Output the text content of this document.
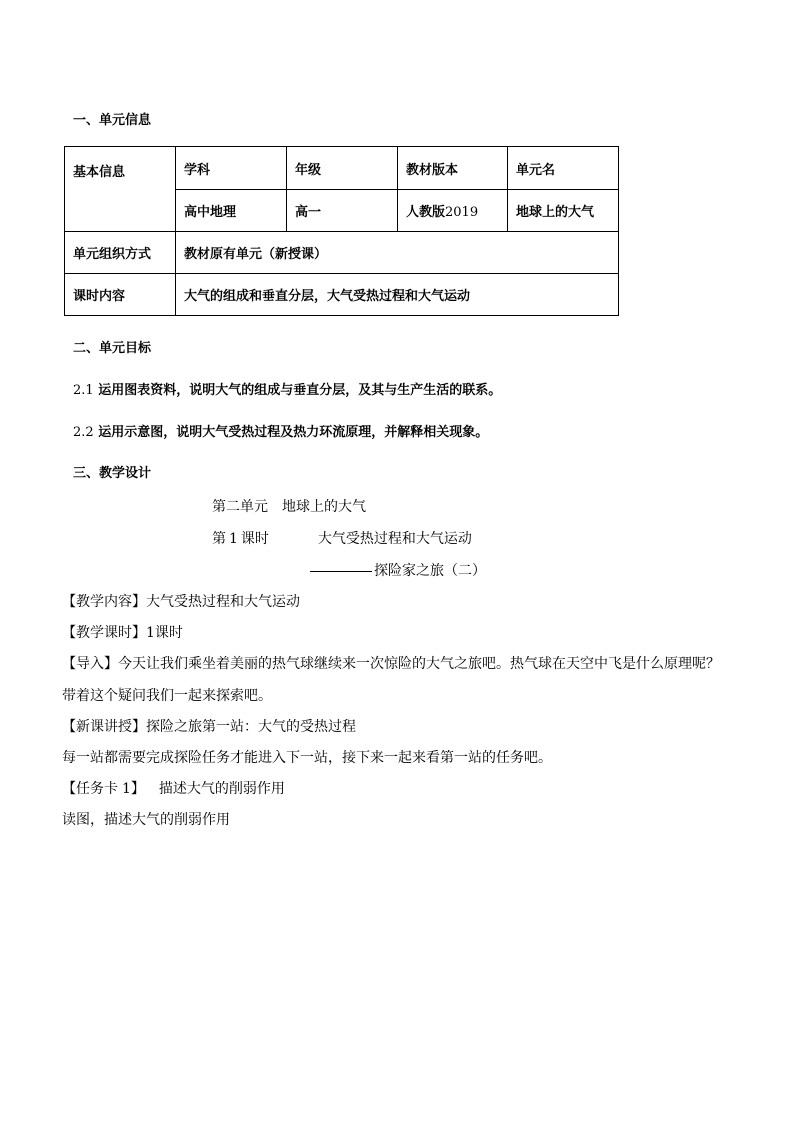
一、单元信息
基本信息	学科	年级	教材版本	单元名
	高中地理	高一	人教版2019	地球上的大气
单元组织方式	教材原有单元（新授课）			
课时内容	大气的组成和垂直分层，大气受热过程和大气运动			
二、单元目标
2.1 运用图表资料，说明大气的组成与垂直分层，及其与生产生活的联系。
2.2 运用示意图，说明大气受热过程及热力环流原理，并解释相关现象。
三、教学设计
第二单元　地球上的大气
第 1 课时	大气受热过程和大气运动
探险家之旅（二）
【教学内容】大气受热过程和大气运动
【教学课时】1课时
【导入】今天让我们乘坐着美丽的热气球继续来一次惊险的大气之旅吧。热气球在天空中飞是什么原理呢？
带着这个疑问我们一起来探索吧。
【新课讲授】探险之旅第一站：大气的受热过程
每一站都需要完成探险任务才能进入下一站，接下来一起来看第一站的任务吧。
【任务卡 1】 描述大气的削弱作用
读图，描述大气的削弱作用
